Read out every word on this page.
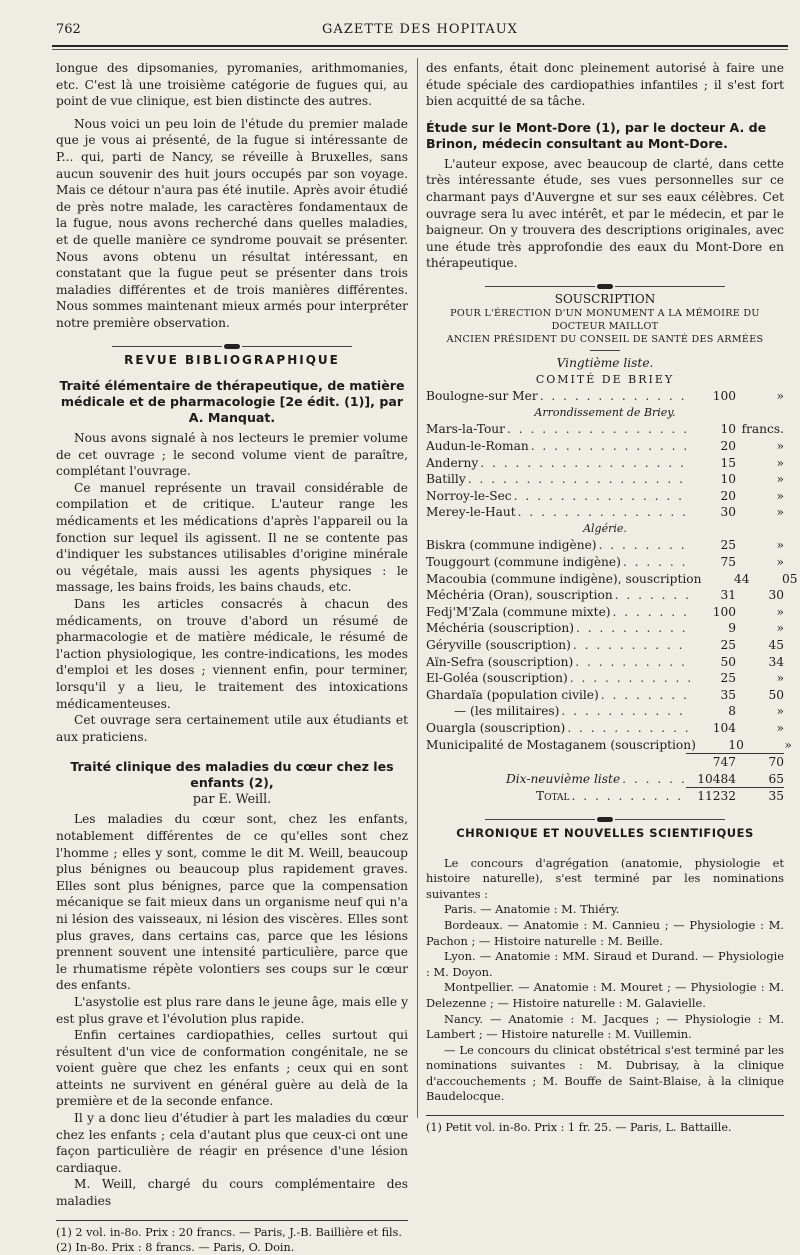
762	GAZETTE DES HOPITAUX

longue des dipsomanies, pyromanies, arithmomanies, etc. C'est là une troisième catégorie de fugues qui, au point de vue clinique, est bien distincte des autres.

Nous voici un peu loin de l'étude du premier malade que je vous ai présenté, de la fugue si intéressante de P... qui, parti de Nancy, se réveille à Bruxelles, sans aucun souvenir des huit jours occupés par son voyage. Mais ce détour n'aura pas été inutile. Après avoir étudié de près notre malade, les caractères fondamentaux de la fugue, nous avons recherché dans quelles maladies, et de quelle manière ce syndrome pouvait se présenter. Nous avons obtenu un résultat intéressant, en constatant que la fugue peut se présenter dans trois maladies différentes et de trois manières différentes. Nous sommes maintenant mieux armés pour interpréter notre première observation.

REVUE BIBLIOGRAPHIQUE
Traité élémentaire de thérapeutique, de matière médicale et de pharmacologie [2e édit. (1)], par A. Manquat.

Nous avons signalé à nos lecteurs le premier volume de cet ouvrage ; le second volume vient de paraître, complétant l'ouvrage.

Ce manuel représente un travail considérable de compilation et de critique. L'auteur range les médicaments et les médications d'après l'appareil ou la fonction sur lequel ils agissent. Il ne se contente pas d'indiquer les substances utilisables d'origine minérale ou végétale, mais aussi les agents physiques : le massage, les bains froids, les bains chauds, etc.

Dans les articles consacrés à chacun des médicaments, on trouve d'abord un résumé de pharmacologie et de matière médicale, le résumé de l'action physiologique, les contre-indications, les modes d'emploi et les doses ; viennent enfin, pour terminer, lorsqu'il y a lieu, le traitement des intoxications médicamenteuses.

Cet ouvrage sera certainement utile aux étudiants et aux praticiens.

Traité clinique des maladies du cœur chez les enfants (2),
par E. Weill.

Les maladies du cœur sont, chez les enfants, notablement différentes de ce qu'elles sont chez l'homme ; elles y sont, comme le dit M. Weill, beaucoup plus bénignes ou beaucoup plus rapidement graves. Elles sont plus bénignes, parce que la compensation mécanique se fait mieux dans un organisme neuf qui n'a ni lésion des vaisseaux, ni lésion des viscères. Elles sont plus graves, dans certains cas, parce que les lésions prennent souvent une intensité particulière, parce que le rhumatisme répète volontiers ses coups sur le cœur des enfants.

L'asystolie est plus rare dans le jeune âge, mais elle y est plus grave et l'évolution plus rapide.

Enfin certaines cardiopathies, celles surtout qui résultent d'un vice de conformation congénitale, ne se voient guère que chez les enfants ; ceux qui en sont atteints ne survivent en général guère au delà de la première et de la seconde enfance.

Il y a donc lieu d'étudier à part les maladies du cœur chez les enfants ; cela d'autant plus que ceux-ci ont une façon particulière de réagir en présence d'une lésion cardiaque.

M. Weill, chargé du cours complémentaire des maladies

(1) 2 vol. in-8o. Prix : 20 francs. — Paris, J.-B. Baillière et fils.
(2) In-8o. Prix : 8 francs. — Paris, O. Doin.

des enfants, était donc pleinement autorisé à faire une étude spéciale des cardiopathies infantiles ; il s'est fort bien acquitté de sa tâche.

Étude sur le Mont-Dore (1), par le docteur A. de Brinon, médecin consultant au Mont-Dore.

L'auteur expose, avec beaucoup de clarté, dans cette très intéressante étude, ses vues personnelles sur ce charmant pays d'Auvergne et sur ses eaux célèbres. Cet ouvrage sera lu avec intérêt, et par le médecin, et par le baigneur. On y trouvera des descriptions originales, avec une étude très approfondie des eaux du Mont-Dore en thérapeutique.

SOUSCRIPTION
POUR L'ÉRECTION D'UN MONUMENT A LA MÉMOIRE DU DOCTEUR MAILLOT
ANCIEN PRÉSIDENT DU CONSEIL DE SANTÉ DES ARMÉES
Vingtième liste.
COMITÉ DE BRIEY
Boulogne-sur Mer . . .	100	»
Arrondissement de Briey.
Mars-la-Tour . . .	10 francs.
Audun-le-Roman . . .	20	»
Anderny . . .	15	»
Batilly . . .	10	»
Norroy-le-Sec . . .	20	»
Merey-le-Haut . . .	30	»
Algérie.
Biskra (commune indigène) . . .	25	»
Touggourt (commune indigène) . . .	75	»
Macoubia (commune indigène), souscription	44	05
Méchéria (Oran), souscription . . .	31	30
Fedj'M'Zala (commune mixte) . . .	100	»
Méchéria (souscription) . . .	9	»
Géryville (souscription) . . .	25	45
Aïn-Sefra (souscription) . . .	50	34
El-Goléa (souscription) . . .	25	»
Ghardaïa (population civile) . . .	35	50
— (les militaires) . . .	8	»
Ouargla (souscription) . . .	104	»
Municipalité de Mostaganem (souscription)	10	»
747	70
Dix-neuvième liste . . .	10484	65
Total . . .	11232	35
CHRONIQUE ET NOUVELLES SCIENTIFIQUES

Le concours d'agrégation (anatomie, physiologie et histoire naturelle), s'est terminé par les nominations suivantes :

Paris. — Anatomie : M. Thiéry.

Bordeaux. — Anatomie : M. Cannieu ; — Physiologie : M. Pachon ; — Histoire naturelle : M. Beille.

Lyon. — Anatomie : MM. Siraud et Durand. — Physiologie : M. Doyon.

Montpellier. — Anatomie : M. Mouret ; — Physiologie : M. Delezenne ; — Histoire naturelle : M. Galavielle.

Nancy. — Anatomie : M. Jacques ; — Physiologie : M. Lambert ; — Histoire naturelle : M. Vuillemin.

— Le concours du clinicat obstétrical s'est terminé par les nominations suivantes : M. Dubrisay, à la clinique d'accouchements ; M. Bouffe de Saint-Blaise, à la clinique Baudelocque.

(1) Petit vol. in-8o. Prix : 1 fr. 25. — Paris, L. Battaille.
